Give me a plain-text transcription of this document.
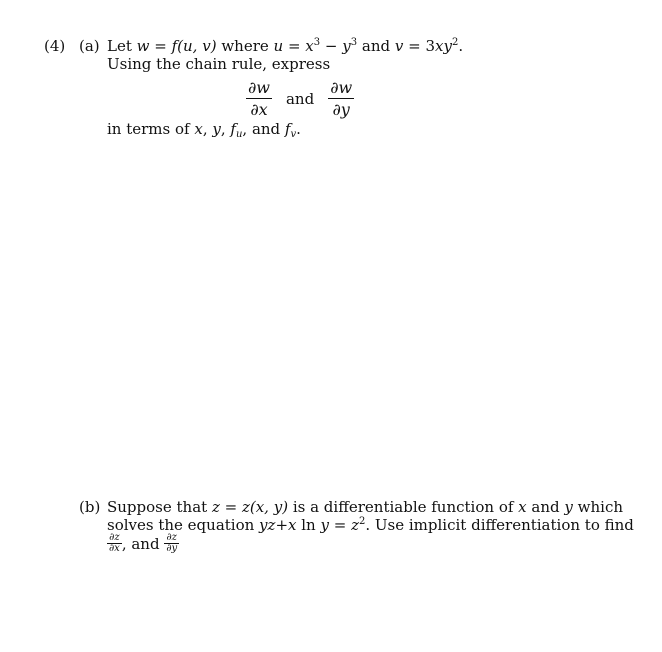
(4) (a) Let w = f(u, v) where $u = x^3 - y^3$ and $v = 3xy^2$.
Using the chain rule, express
$\frac{\partial w}{\partial x}$ and $\frac{\partial w}{\partial y}$
in terms of x, y, $f_u$, and $f_v$.
(b) Suppose that z = z(x, y) is a differentiable function of x and y which
solves the equation yz+x $\ln y = z^2$. Use implicit differentiation to find
$\frac{\partial z}{\partial x}$ , and $\frac{\partial z}{\partial y}$
